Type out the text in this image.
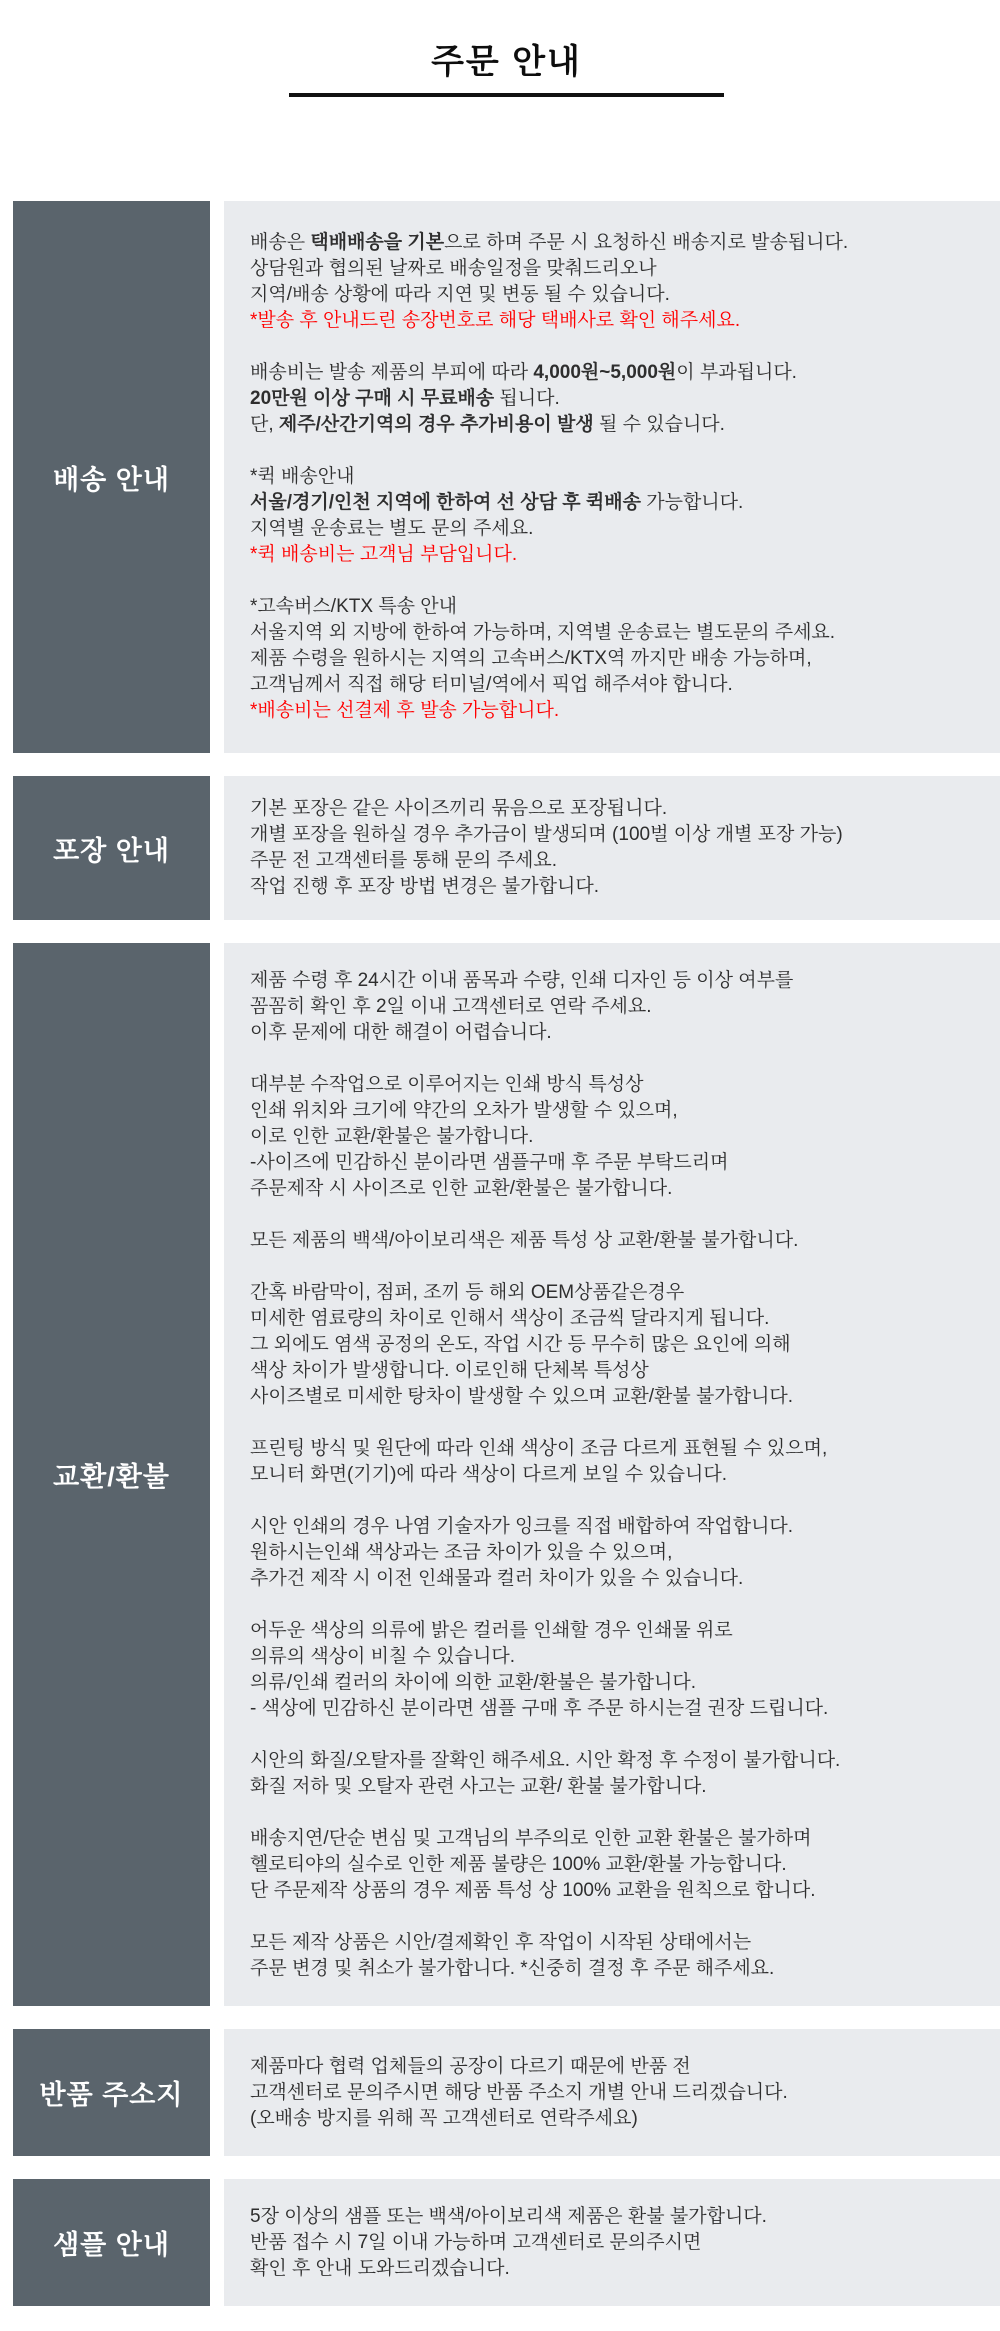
주문 안내
배송 안내
배송은 택배배송을 기본으로 하며 주문 시 요청하신 배송지로 발송됩니다.
상담원과 협의된 날짜로 배송일정을 맞춰드리오나
지역/배송 상황에 따라 지연 및 변동 될 수 있습니다.
*발송 후 안내드린 송장번호로 해당 택배사로 확인 해주세요.
배송비는 발송 제품의 부피에 따라 4,000원~5,000원이 부과됩니다.
20만원 이상 구매 시 무료배송 됩니다.
단, 제주/산간기역의 경우 추가비용이 발생 될 수 있습니다.
*퀵 배송안내
서울/경기/인천 지역에 한하여 선 상담 후 퀵배송 가능합니다.
지역별 운송료는 별도 문의 주세요.
*퀵 배송비는 고객님 부담입니다.
*고속버스/KTX 특송 안내
서울지역 외 지방에 한하여 가능하며, 지역별 운송료는 별도문의 주세요.
제품 수령을 원하시는 지역의 고속버스/KTX역 까지만 배송 가능하며,
고객님께서 직접 해당 터미널/역에서 픽업 해주셔야 합니다.
*배송비는 선결제 후 발송 가능합니다.
포장 안내
기본 포장은 같은 사이즈끼리 묶음으로 포장됩니다.
개별 포장을 원하실 경우 추가금이 발생되며 (100벌 이상 개별 포장 가능)
주문 전 고객센터를 통해 문의 주세요.
작업 진행 후 포장 방법 변경은 불가합니다.
교환/환불
제품 수령 후 24시간 이내 품목과 수량, 인쇄 디자인 등 이상 여부를
꼼꼼히 확인 후 2일 이내 고객센터로 연락 주세요.
이후 문제에 대한 해결이 어렵습니다.
대부분 수작업으로 이루어지는 인쇄 방식 특성상
인쇄 위치와 크기에 약간의 오차가 발생할 수 있으며,
이로 인한 교환/환불은 불가합니다.
-사이즈에 민감하신 분이라면 샘플구매 후 주문 부탁드리며
주문제작 시 사이즈로 인한 교환/환불은 불가합니다.
모든 제품의 백색/아이보리색은 제품 특성 상 교환/환불 불가합니다.
간혹 바람막이, 점퍼, 조끼 등 해외 OEM상품같은경우
미세한 염료량의 차이로 인해서 색상이 조금씩 달라지게 됩니다.
그 외에도 염색 공정의 온도, 작업 시간 등 무수히 많은 요인에 의해
색상 차이가 발생합니다. 이로인해 단체복 특성상
사이즈별로 미세한 탕차이 발생할 수 있으며 교환/환불 불가합니다.
프린팅 방식 및 원단에 따라 인쇄 색상이 조금 다르게 표현될 수 있으며,
모니터 화면(기기)에 따라 색상이 다르게 보일 수 있습니다.
시안 인쇄의 경우 나염 기술자가 잉크를 직접 배합하여 작업합니다.
원하시는인쇄 색상과는 조금 차이가 있을 수 있으며,
추가건 제작 시 이전 인쇄물과 컬러 차이가 있을 수 있습니다.
어두운 색상의 의류에 밝은 컬러를 인쇄할 경우 인쇄물 위로
의류의 색상이 비칠 수 있습니다.
의류/인쇄 컬러의 차이에 의한 교환/환불은 불가합니다.
- 색상에 민감하신 분이라면 샘플 구매 후 주문 하시는걸 권장 드립니다.
시안의 화질/오탈자를 잘확인 해주세요. 시안 확정 후 수정이 불가합니다.
화질 저하 및 오탈자 관련 사고는 교환/ 환불 불가합니다.
배송지연/단순 변심 및 고객님의 부주의로 인한 교환 환불은 불가하며
헬로티야의 실수로 인한 제품 불량은 100% 교환/환불 가능합니다.
단 주문제작 상품의 경우 제품 특성 상 100% 교환을 원칙으로 합니다.
모든 제작 상품은 시안/결제확인 후 작업이 시작된 상태에서는
주문 변경 및 취소가 불가합니다. *신중히 결정 후 주문 해주세요.
반품 주소지
제품마다 협력 업체들의 공장이 다르기 때문에 반품 전
고객센터로 문의주시면 해당 반품 주소지 개별 안내 드리겠습니다.
(오배송 방지를 위해 꼭 고객센터로 연락주세요)
샘플 안내
5장 이상의 샘플 또는 백색/아이보리색 제품은 환불 불가합니다.
반품 접수 시 7일 이내 가능하며 고객센터로 문의주시면
확인 후 안내 도와드리겠습니다.
